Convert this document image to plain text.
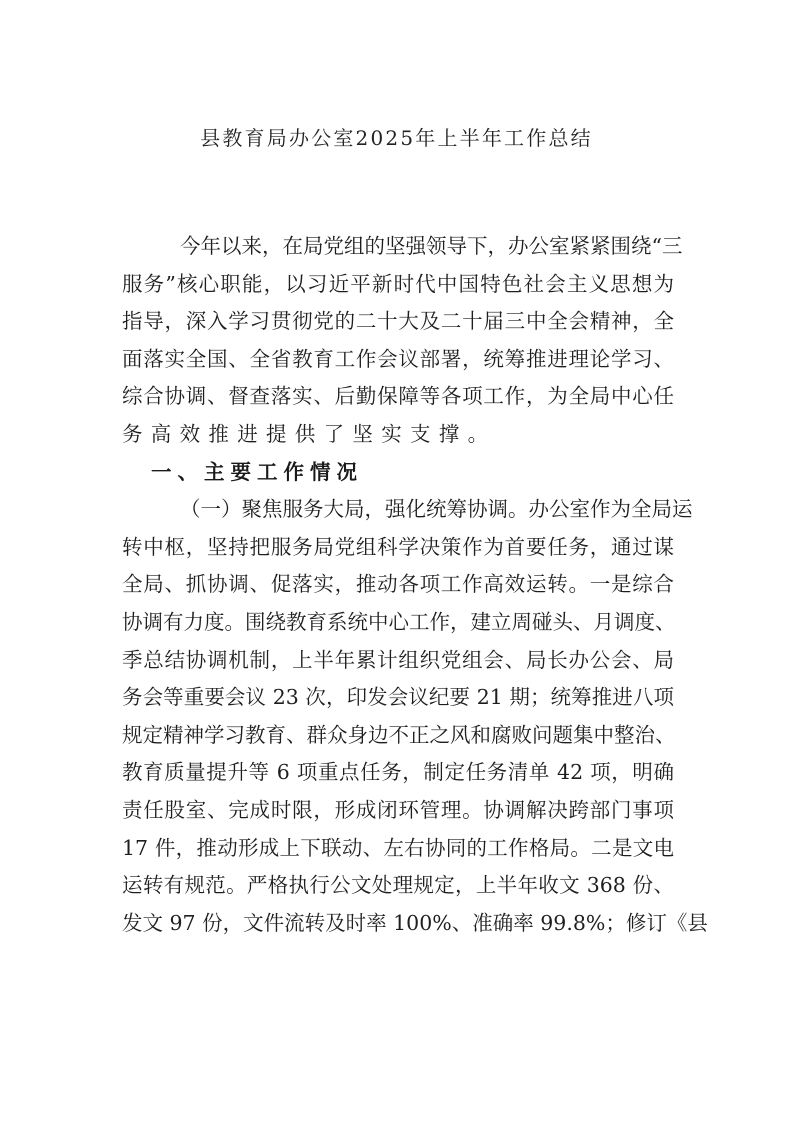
县教育局办公室2025年上半年工作总结
今年以来，在局党组的坚强领导下，办公室紧紧围绕“三
服务”核心职能，以习近平新时代中国特色社会主义思想为
指导，深入学习贯彻党的二十大及二十届三中全会精神，全
面落实全国、全省教育工作会议部署，统筹推进理论学习、
综合协调、督查落实、后勤保障等各项工作，为全局中心任
务高效推进提供了坚实支撑。
一、主要工作情况
（一）聚焦服务大局，强化统筹协调。办公室作为全局运
转中枢，坚持把服务局党组科学决策作为首要任务，通过谋
全局、抓协调、促落实，推动各项工作高效运转。一是综合
协调有力度。围绕教育系统中心工作，建立周碰头、月调度、
季总结协调机制，上半年累计组织党组会、局长办公会、局
务会等重要会议 23 次，印发会议纪要 21 期；统筹推进八项
规定精神学习教育、群众身边不正之风和腐败问题集中整治、
教育质量提升等 6 项重点任务，制定任务清单 42 项，明确
责任股室、完成时限，形成闭环管理。协调解决跨部门事项
17 件，推动形成上下联动、左右协同的工作格局。二是文电
运转有规范。严格执行公文处理规定，上半年收文 368 份、
发文 97 份，文件流转及时率 100%、准确率 99.8%；修订《县
